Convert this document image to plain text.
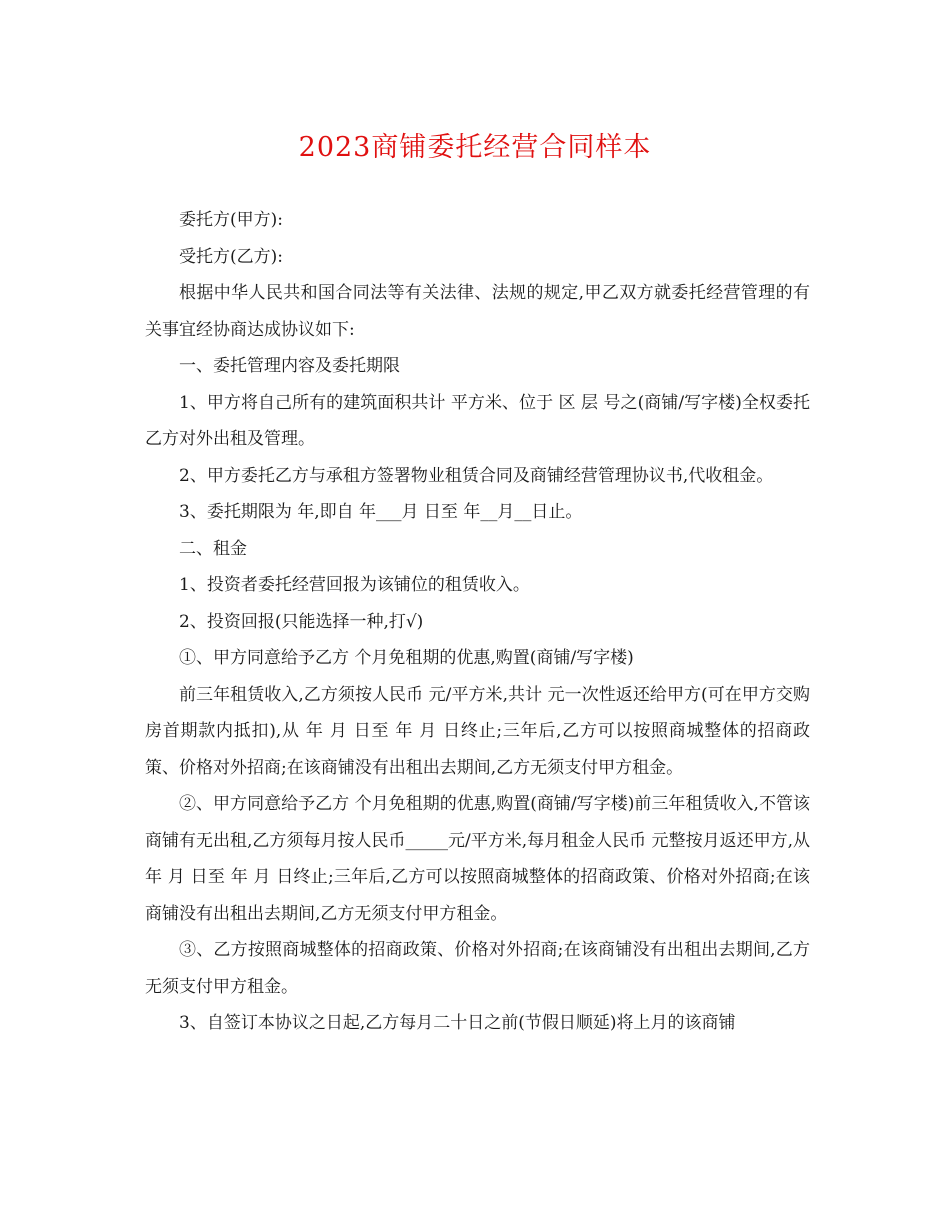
2023商铺委托经营合同样本

委托方(甲方):

受托方(乙方):

根据中华人民共和国合同法等有关法律、法规的规定,甲乙双方就委托经营管理的有关事宜经协商达成协议如下:

一、委托管理内容及委托期限

1、甲方将自己所有的建筑面积共计 平方米、位于 区 层 号之(商铺/写字楼)全权委托乙方对外出租及管理。

2、甲方委托乙方与承租方签署物业租赁合同及商铺经营管理协议书,代收租金。

3、委托期限为 年,即自 年___月 日至 年__月__日止。

二、租金

1、投资者委托经营回报为该铺位的租赁收入。

2、投资回报(只能选择一种,打√)

①、甲方同意给予乙方 个月免租期的优惠,购置(商铺/写字楼)

前三年租赁收入,乙方须按人民币 元/平方米,共计 元一次性返还给甲方(可在甲方交购房首期款内抵扣),从 年 月 日至 年 月 日终止;三年后,乙方可以按照商城整体的招商政策、价格对外招商;在该商铺没有出租出去期间,乙方无须支付甲方租金。

②、甲方同意给予乙方 个月免租期的优惠,购置(商铺/写字楼)前三年租赁收入,不管该商铺有无出租,乙方须每月按人民币_____元/平方米,每月租金人民币 元整按月返还甲方,从 年 月 日至 年 月 日终止;三年后,乙方可以按照商城整体的招商政策、价格对外招商;在该商铺没有出租出去期间,乙方无须支付甲方租金。

③、乙方按照商城整体的招商政策、价格对外招商;在该商铺没有出租出去期间,乙方无须支付甲方租金。

3、自签订本协议之日起,乙方每月二十日之前(节假日顺延)将上月的该商铺
